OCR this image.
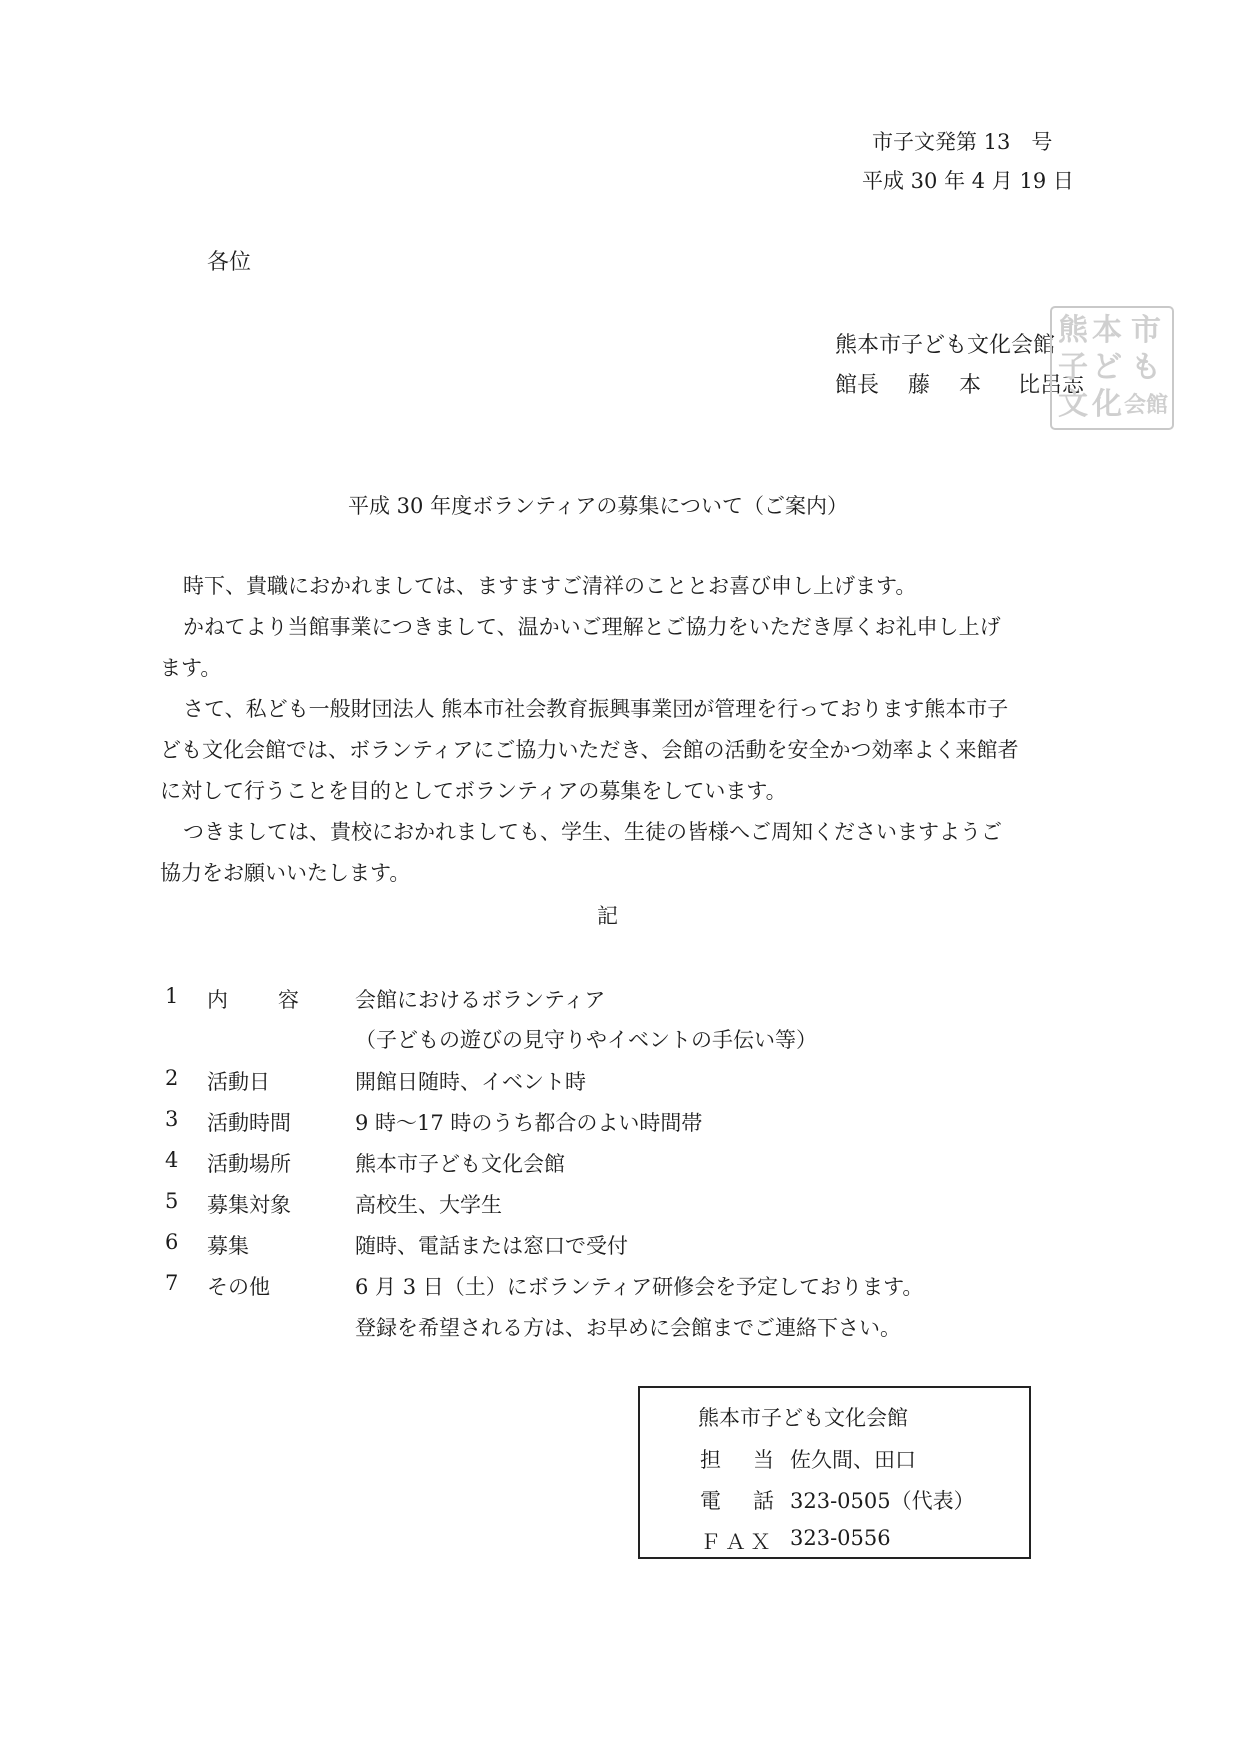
市子文発第 13　号
平成 30 年 4 月 19 日
各位
熊本市子ども文化会館
館長 藤 本 比呂志
熊 本 市
子 ど も
文 化 会館
平成 30 年度ボランティアの募集について（ご案内）
時下、貴職におかれましては、ますますご清祥のこととお喜び申し上げます。
かねてより当館事業につきまして、温かいご理解とご協力をいただき厚くお礼申し上げ
ます。
さて、私ども一般財団法人 熊本市社会教育振興事業団が管理を行っております熊本市子
ども文化会館では、ボランティアにご協力いただき、会館の活動を安全かつ効率よく来館者
に対して行うことを目的としてボランティアの募集をしています。
つきましては、貴校におかれましても、学生、生徒の皆様へご周知くださいますようご
協力をお願いいたします。
記
1	内 容	会館におけるボランティア
（子どもの遊びの見守りやイベントの手伝い等）
2	活動日	開館日随時、イベント時
3	活動時間	9 時～17 時のうち都合のよい時間帯
4	活動場所	熊本市子ども文化会館
5	募集対象	高校生、大学生
6	募集	随時、電話または窓口で受付
7	その他	6 月 3 日（土）にボランティア研修会を予定しております。
登録を希望される方は、お早めに会館までご連絡下さい。
熊本市子ども文化会館
担 当 佐久間、田口
電 話 323-0505（代表）
ＦＡＸ 323-0556
